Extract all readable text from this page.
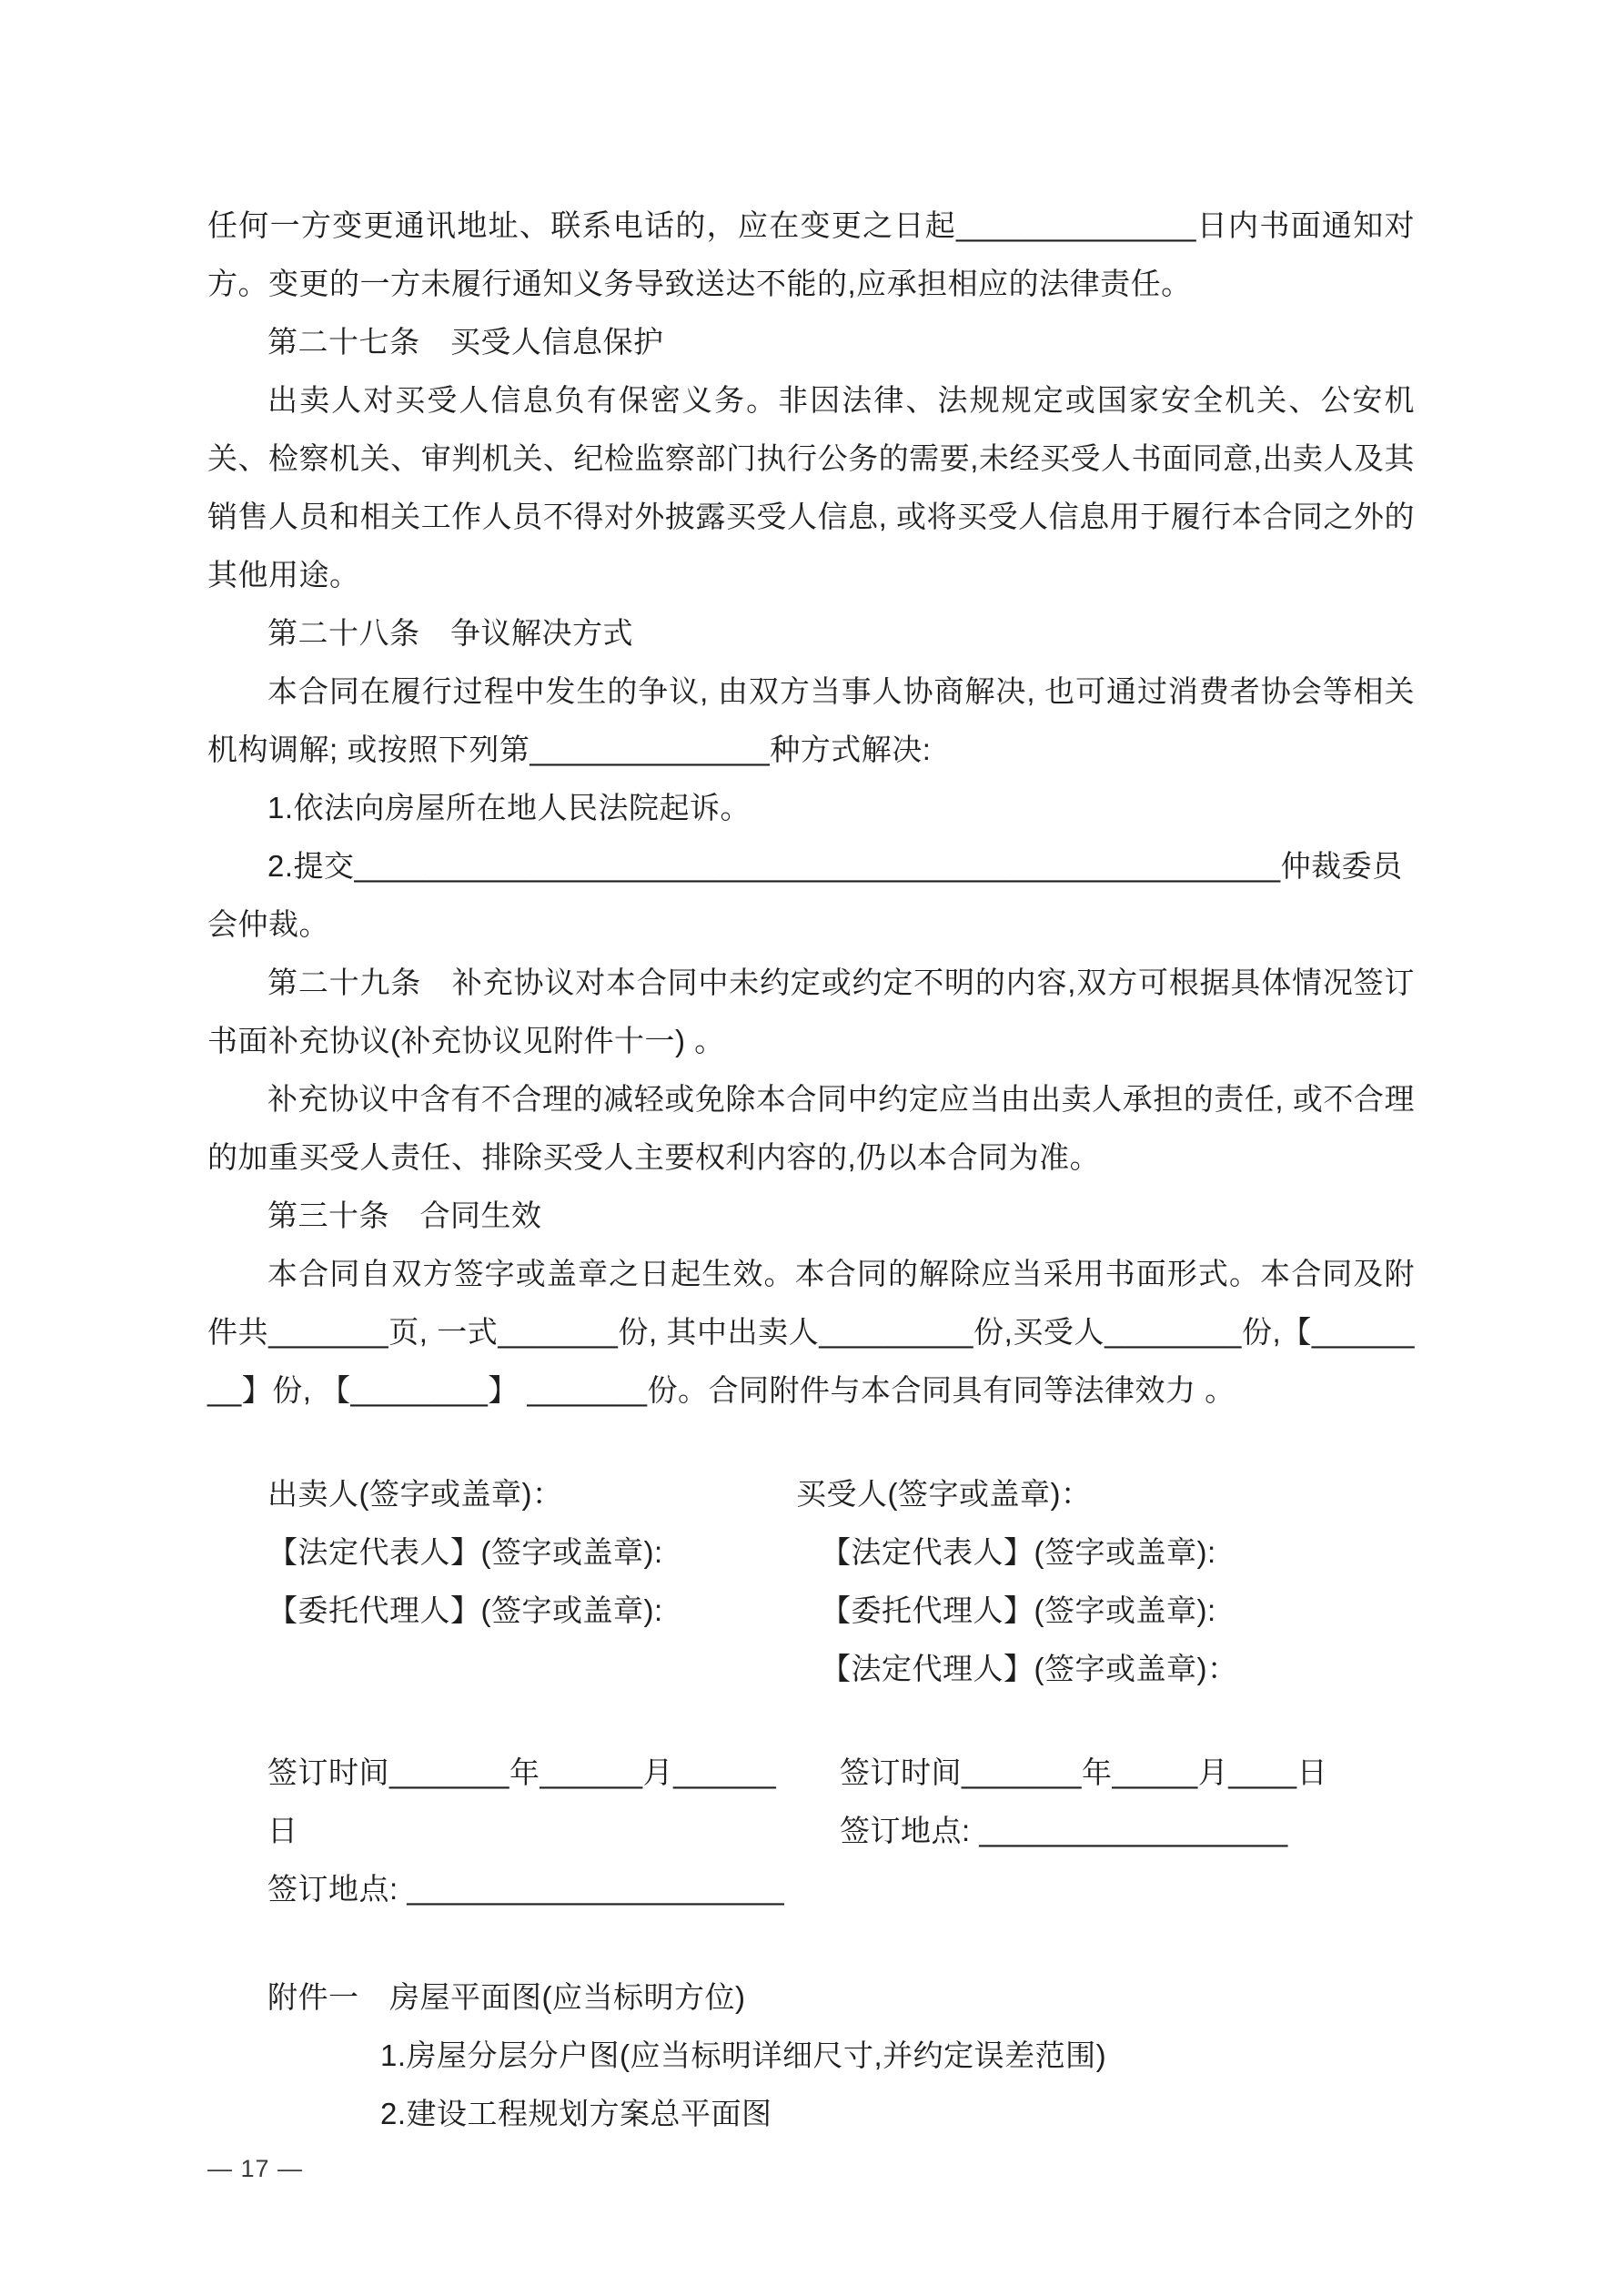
任何一方变更通讯地址、联系电话的，应在变更之日起______________日内书面通知对方。变更的一方未履行通知义务导致送达不能的,应承担相应的法律责任。

第二十七条　买受人信息保护

出卖人对买受人信息负有保密义务。非因法律、法规规定或国家安全机关、公安机关、检察机关、审判机关、纪检监察部门执行公务的需要,未经买受人书面同意,出卖人及其销售人员和相关工作人员不得对外披露买受人信息, 或将买受人信息用于履行本合同之外的其他用途。

第二十八条　争议解决方式

本合同在履行过程中发生的争议, 由双方当事人协商解决, 也可通过消费者协会等相关机构调解; 或按照下列第______________种方式解决:

1.依法向房屋所在地人民法院起诉。

2.提交______________________________________________________仲裁委员会仲裁。

第二十九条　补充协议对本合同中未约定或约定不明的内容,双方可根据具体情况签订书面补充协议(补充协议见附件十一) 。

补充协议中含有不合理的减轻或免除本合同中约定应当由出卖人承担的责任, 或不合理的加重买受人责任、排除买受人主要权利内容的,仍以本合同为准。

第三十条　合同生效

本合同自双方签字或盖章之日起生效。本合同的解除应当采用书面形式。本合同及附件共_______页, 一式_______份, 其中出卖人_________份,买受人________份,【________】份, 【________】 _______份。合同附件与本合同具有同等法律效力 。

出卖人(签字或盖章)：

【法定代表人】(签字或盖章):

【委托代理人】(签字或盖章):

买受人(签字或盖章)：

【法定代表人】(签字或盖章):

【委托代理人】(签字或盖章):

【法定代理人】(签字或盖章)：

签订时间_______年______月______日

签订地点: ______________________

签订时间_______年_____月____日

签订地点: __________________

附件一　房屋平面图(应当标明方位)

1.房屋分层分户图(应当标明详细尺寸,并约定误差范围)

2.建设工程规划方案总平面图

— 17 —
